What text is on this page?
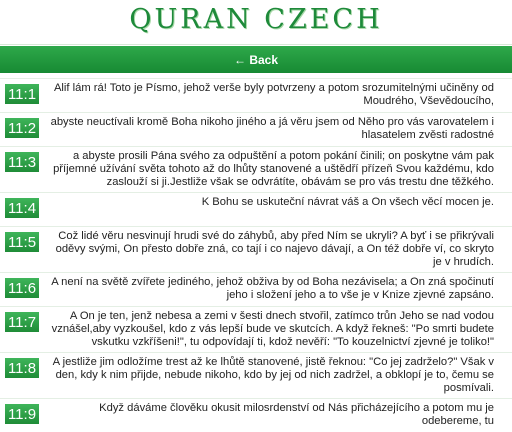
QURAN CZECH
← Back
11:1	Alif lám rá! Toto je Písmo, jehož verše byly potvrzeny a potom srozumitelnými učiněny od Moudrého, Vševědoucího,
11:2	abyste neuctívali kromě Boha nikoho jiného a já věru jsem od Něho pro vás varovatelem i hlasatelem zvěsti radostné
11:3	a abyste prosili Pána svého za odpuštění a potom pokání činili; on poskytne vám pak příjemné užívání světa tohoto až do lhůty stanovené a uštědří přízeň Svou každému, kdo zaslouží si ji.Jestliže však se odvrátíte, obávám se pro vás trestu dne těžkého.
11:4	K Bohu se uskuteční návrat váš a On všech věcí mocen je.
11:5	Což lidé věru nesvinují hrudi své do záhybů, aby před Ním se ukryli? A byť i se přikrývali oděvy svými, On přesto dobře zná, co tají i co najevo dávají, a On též dobře ví, co skryto je v hrudích.
11:6	A není na světě zvířete jediného, jehož obživa by od Boha nezávisela; a On zná spočinutí jeho i složení jeho a to vše je v Knize zjevné zapsáno.
11:7	A On je ten, jenž nebesa a zemi v šesti dnech stvořil, zatímco trůn Jeho se nad vodou vznášel,aby vyzkoušel, kdo z vás lepší bude ve skutcích. A když řekneš: "Po smrti budete vskutku vzkříšeni!", tu odpovídají ti, kdož nevěří: "To kouzelnictví zjevné je toliko!"
11:8	A jestliže jim odložíme trest až ke lhůtě stanovené, jistě řeknou: "Co jej zadrželo?" Však v den, kdy k nim přijde, nebude nikoho, kdo by jej od nich zadržel, a obklopí je to, čemu se posmívali.
11:9	Když dáváme člověku okusit milosrdenství od Nás přicházejícího a potom mu je odebereme, tu
